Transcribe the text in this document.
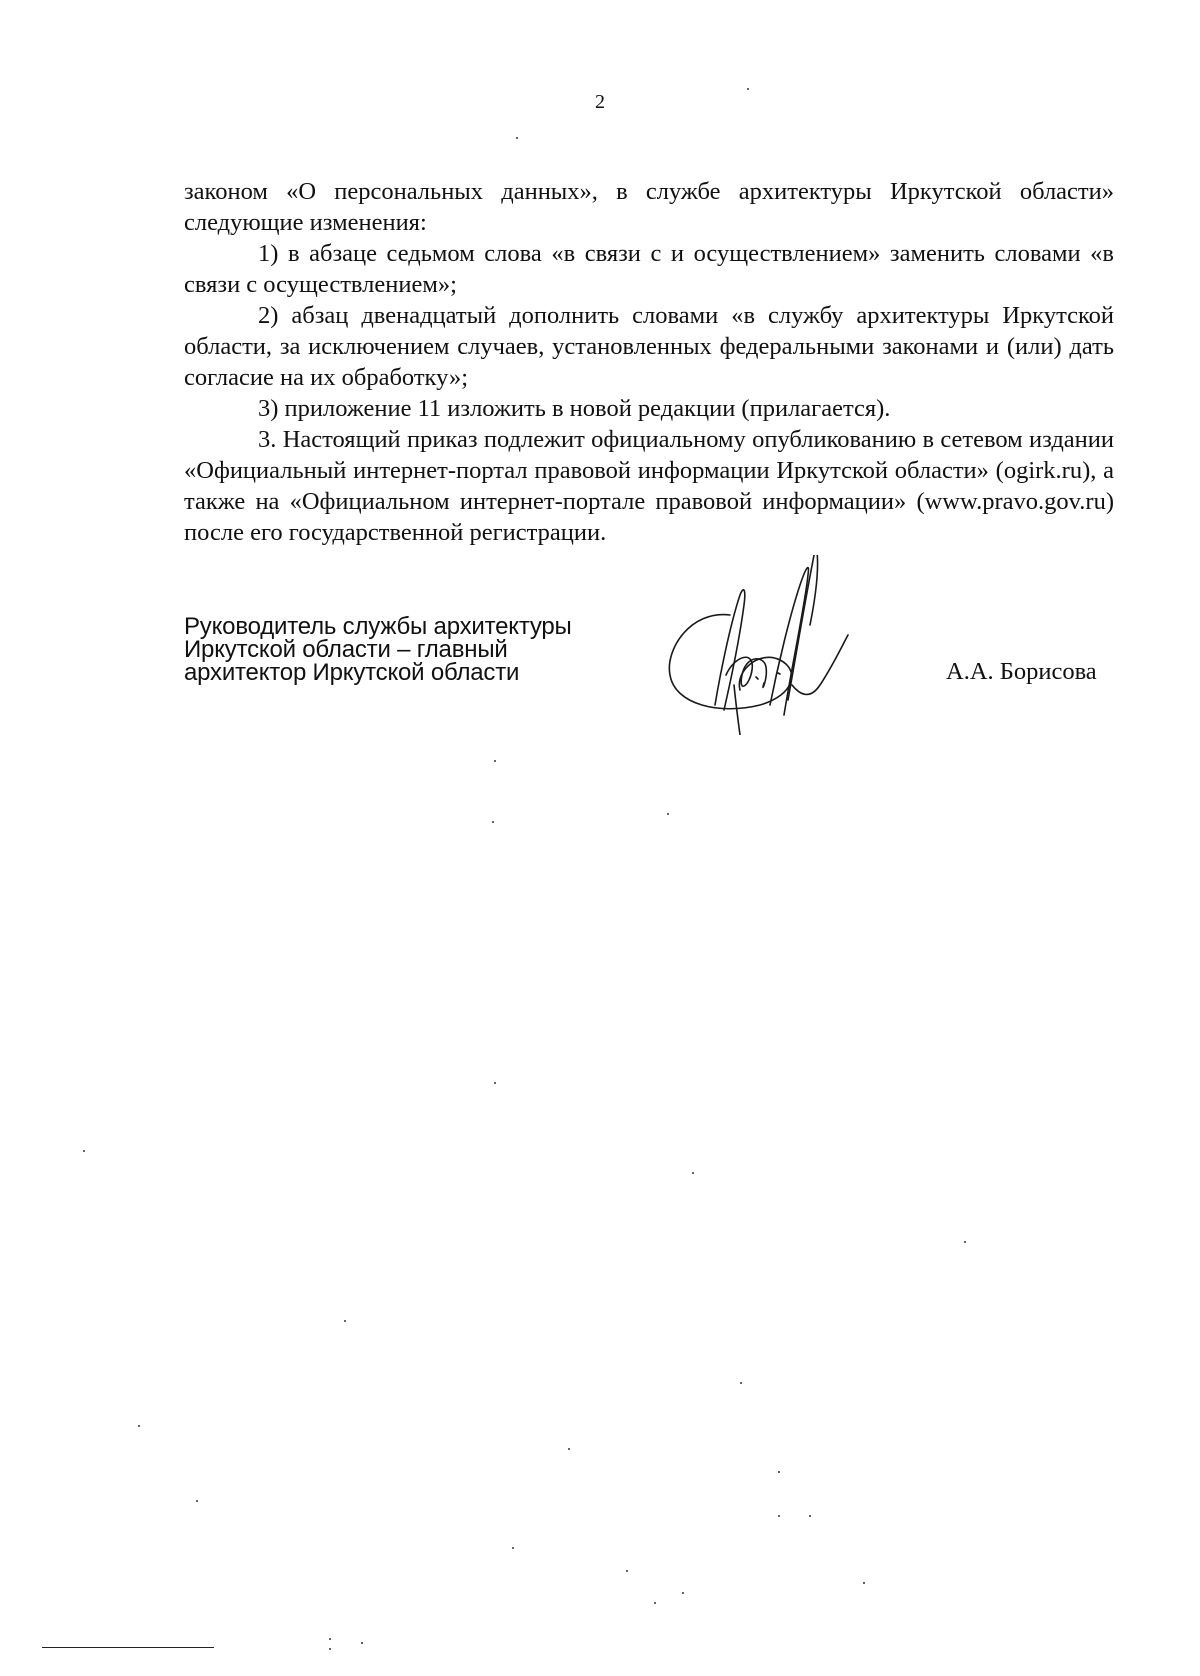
2

законом «О персональных данных», в службе архитектуры Иркутской области» следующие изменения:

1) в абзаце седьмом слова «в связи с и осуществлением» заменить словами «в связи с осуществлением»;

2) абзац двенадцатый дополнить словами «в службу архитектуры Иркутской области, за исключением случаев, установленных федеральными законами и (или) дать согласие на их обработку»;

3) приложение 11 изложить в новой редакции (прилагается).

3. Настоящий приказ подлежит официальному опубликованию в сетевом издании «Официальный интернет-портал правовой информации Иркутской области» (ogirk.ru), а также на «Официальном интернет-портале правовой информации» (www.pravo.gov.ru) после его государственной регистрации.

Руководитель службы архитектуры
Иркутской области – главный
архитектор Иркутской области	А.А. Борисова
